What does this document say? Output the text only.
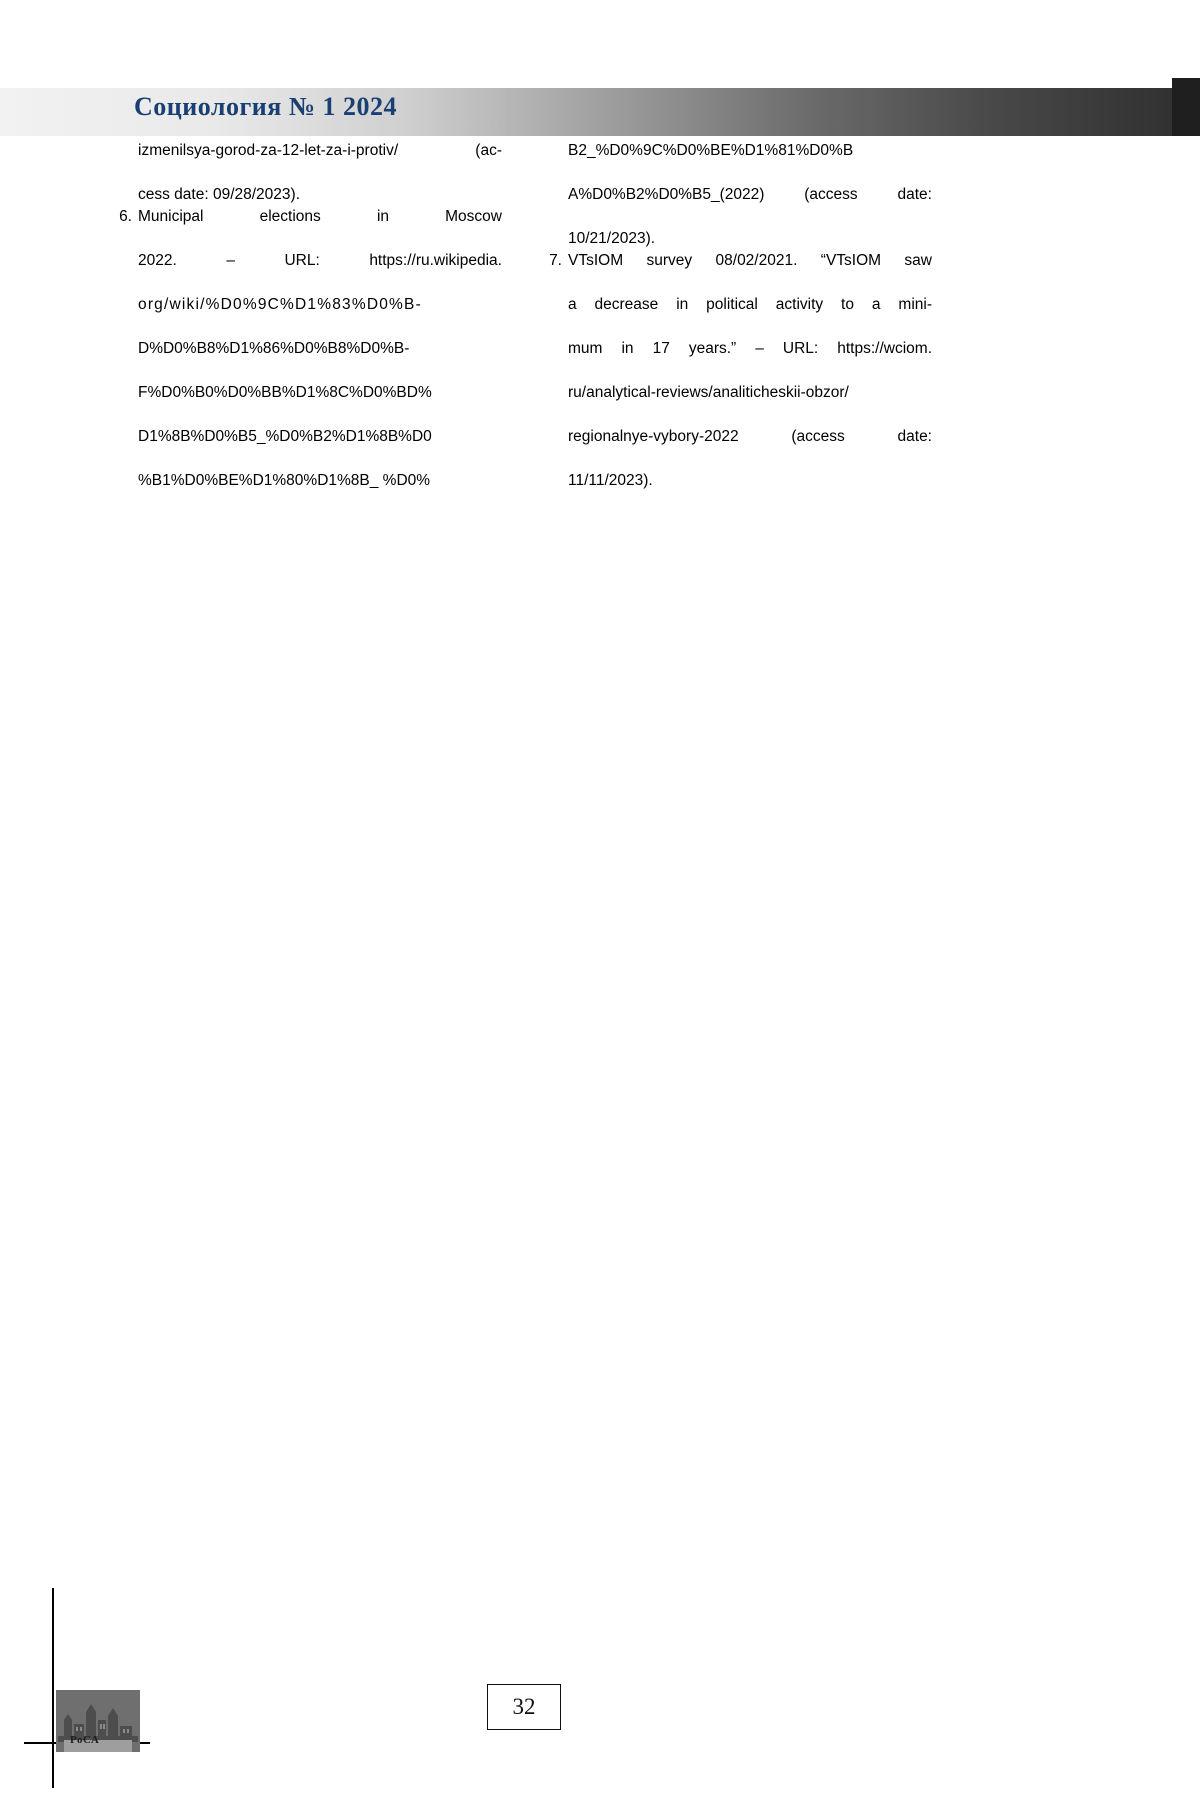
Социология № 1 2024
izmenilsya-gorod-za-12-let-za-i-protiv/ (ac-
cess date: 09/28/2023).
6. Municipal elections in Moscow
2022. – URL: https://ru.wikipedia.
org/wiki/%D0%9C%D1%83%D0%B-
D%D0%B8%D1%86%D0%B8%D0%B-
F%D0%B0%D0%BB%D1%8C%D0%BD%
D1%8B%D0%B5_%D0%B2%D1%8B%D0
%B1%D0%BE%D1%80%D1%8B_ %D0%
B2_%D0%9C%D0%BE%D1%81%D0%B
A%D0%B2%D0%B5_(2022) (access date:
10/21/2023).
7. VTsIOM survey 08/02/2021. “VTsIOM saw
a decrease in political activity to a mini-
mum in 17 years.” – URL: https://wciom.
ru/analytical-reviews/analiticheskii-obzor/
regionalnye-vybory-2022 (access date:
11/11/2023).
РоСА
32
